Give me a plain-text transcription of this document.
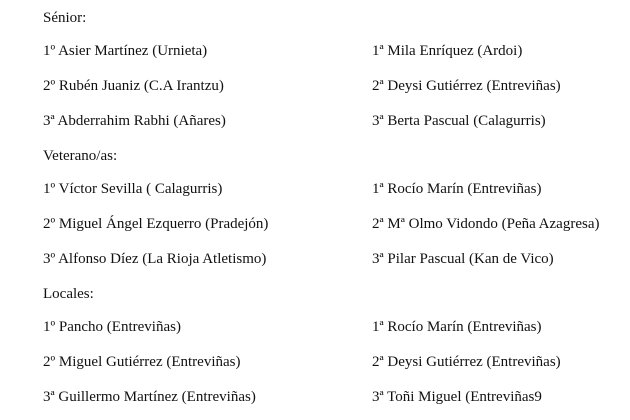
Sénior:
1º Asier Martínez (Urnieta)	1ª Mila Enríquez (Ardoi)
2º Rubén Juaniz (C.A Irantzu)	2ª Deysi Gutiérrez (Entreviñas)
3ª Abderrahim Rabhi (Añares)	3ª Berta Pascual (Calagurris)
Veterano/as:
1º Víctor Sevilla ( Calagurris)	1ª Rocío Marín (Entreviñas)
2º Miguel Ángel Ezquerro (Pradejón)	2ª Mª Olmo Vidondo (Peña Azagresa)
3º Alfonso Díez (La Rioja Atletismo)	3ª Pilar Pascual (Kan de Vico)
Locales:
1º Pancho (Entreviñas)	1ª Rocío Marín (Entreviñas)
2º Miguel Gutiérrez (Entreviñas)	2ª Deysi Gutiérrez (Entreviñas)
3ª Guillermo Martínez (Entreviñas)	3ª Toñi Miguel (Entreviñas9
